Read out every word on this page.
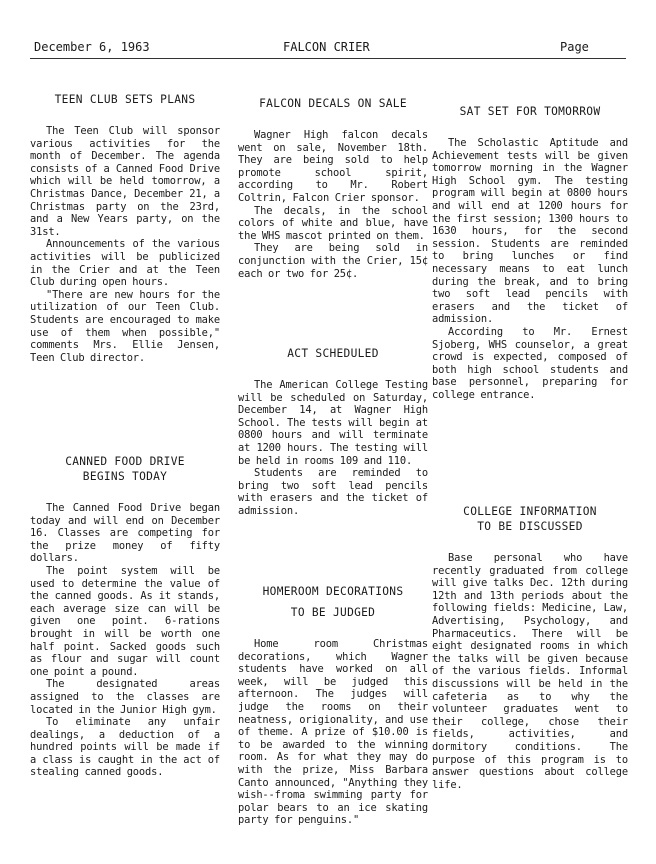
December 6, 1963	FALCON CRIER	Page
TEEN CLUB SETS PLANS

The Teen Club will sponsor various activities for the month of December. The agenda consists of a Canned Food Drive which will be held tomorrow, a Christmas Dance, December 21, a Christmas party on the 23rd, and a New Years party, on the 31st.

Announcements of the various activities will be publicized in the Crier and at the Teen Club during open hours.

"There are new hours for the utilization of our Teen Club. Students are encouraged to make use of them when possible," comments Mrs. Ellie Jensen, Teen Club director.

CANNED FOOD DRIVE
BEGINS TODAY

The Canned Food Drive began today and will end on December 16. Classes are competing for the prize money of fifty dollars.

The point system will be used to determine the value of the canned goods. As it stands, each average size can will be given one point. 6-rations brought in will be worth one half point. Sacked goods such as flour and sugar will count one point a pound.

The designated areas assigned to the classes are located in the Junior High gym.

To eliminate any unfair dealings, a deduction of a hundred points will be made if a class is caught in the act of stealing canned goods.

FALCON DECALS ON SALE

Wagner High falcon decals went on sale, November 18th. They are being sold to help promote school spirit, according to Mr. Robert Coltrin, Falcon Crier sponsor.

The decals, in the school colors of white and blue, have the WHS mascot printed on them.

They are being sold in conjunction with the Crier, 15¢ each or two for 25¢.

ACT SCHEDULED

The American College Testing will be scheduled on Saturday, December 14, at Wagner High School. The tests will begin at 0800 hours and will terminate at 1200 hours. The testing will be held in rooms 109 and 110.

Students are reminded to bring two soft lead pencils with erasers and the ticket of admission.

HOMEROOM DECORATIONS
TO BE JUDGED

Home room Christmas decorations, which Wagner students have worked on all week, will be judged this afternoon. The judges will judge the rooms on their neatness, origionality, and use of theme. A prize of $10.00 is to be awarded to the winning room. As for what they may do with the prize, Miss Barbara Canto announced, "Anything they wish--froma swimming party for polar bears to an ice skating party for penguins."

SAT SET FOR TOMORROW

The Scholastic Aptitude and Achievement tests will be given tomorrow morning in the Wagner High School gym. The testing program will begin at 0800 hours and will end at 1200 hours for the first session; 1300 hours to 1630 hours, for the second session. Students are reminded to bring lunches or find necessary means to eat lunch during the break, and to bring two soft lead pencils with erasers and the ticket of admission.

According to Mr. Ernest Sjoberg, WHS counselor, a great crowd is expected, composed of both high school students and base personnel, preparing for college entrance.

COLLEGE INFORMATION
TO BE DISCUSSED

Base personal who have recently graduated from college will give talks Dec. 12th during 12th and 13th periods about the following fields: Medicine, Law, Advertising, Psychology, and Pharmaceutics. There will be eight designated rooms in which the talks will be given because of the various fields. Informal discussions will be held in the cafeteria as to why the volunteer graduates went to their college, chose their fields, activities, and dormitory conditions. The purpose of this program is to answer questions about college life.
